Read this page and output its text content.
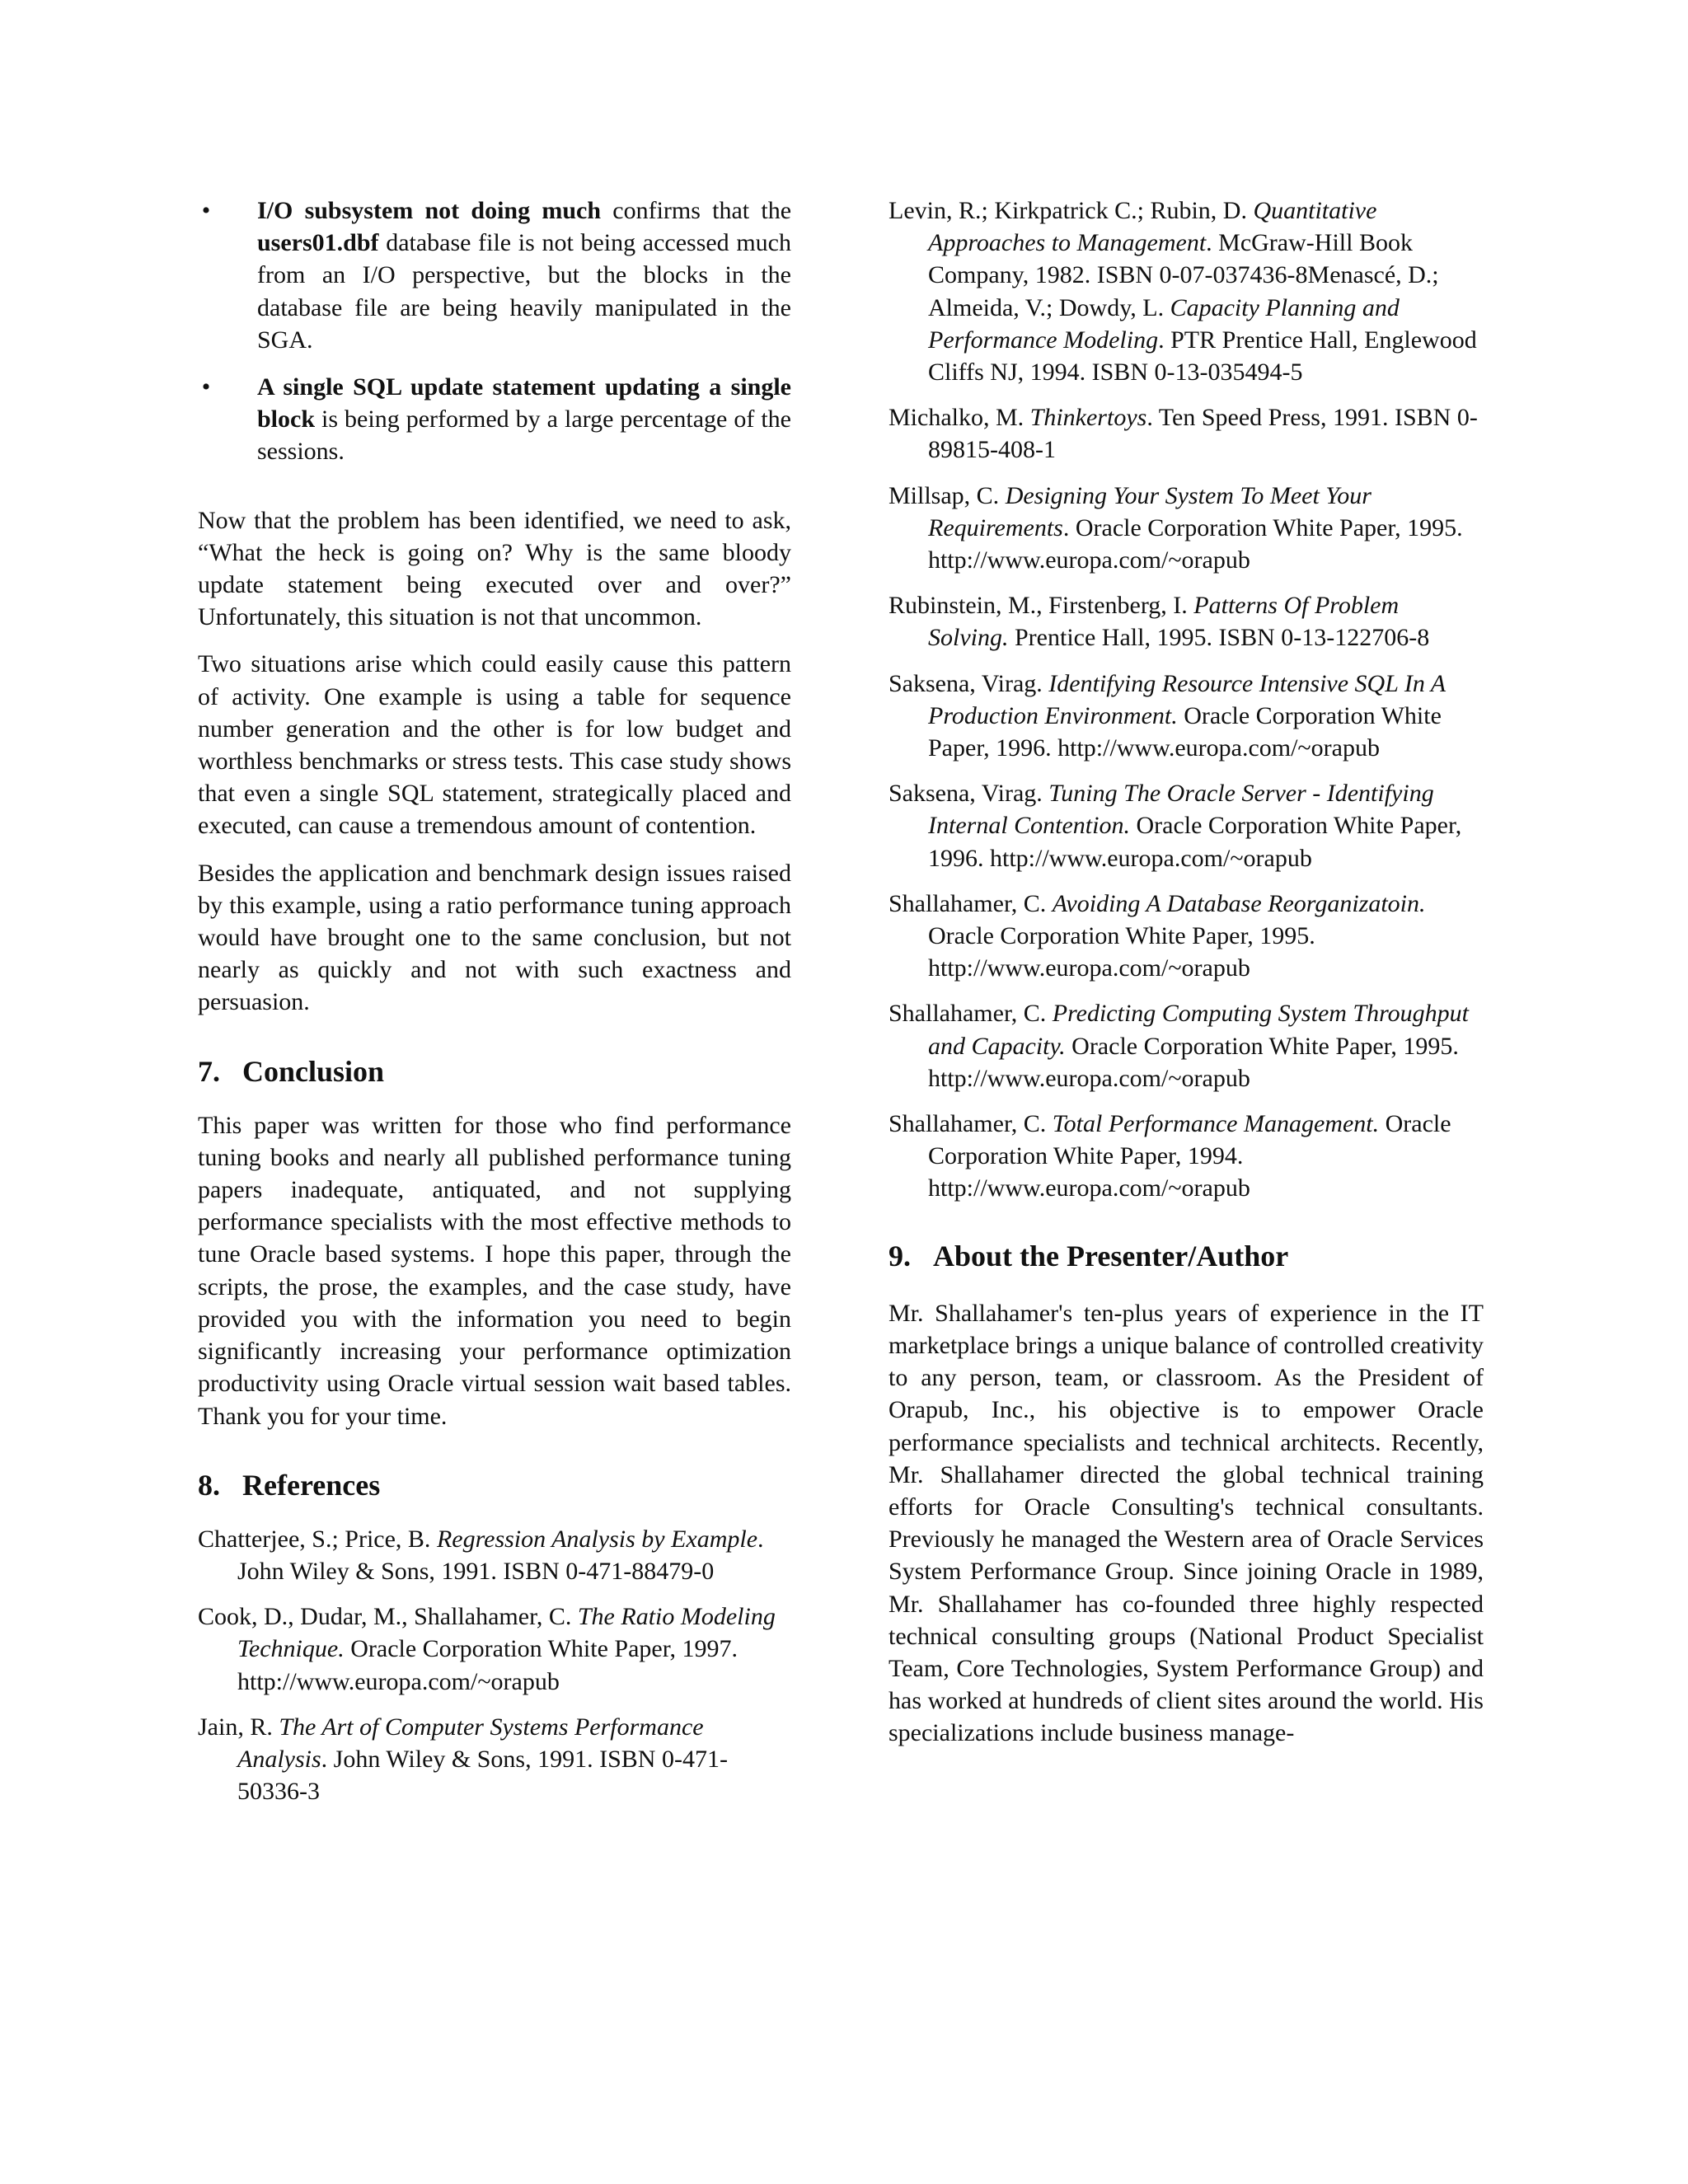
• I/O subsystem not doing much confirms that the users01.dbf database file is not being accessed much from an I/O perspective, but the blocks in the database file are being heavily manipulated in the SGA.
• A single SQL update statement updating a single block is being performed by a large percentage of the sessions.

Now that the problem has been identified, we need to ask, “What the heck is going on? Why is the same bloody update statement being executed over and over?” Unfortunately, this situation is not that uncommon.

Two situations arise which could easily cause this pattern of activity. One example is using a table for sequence number generation and the other is for low budget and worthless benchmarks or stress tests. This case study shows that even a single SQL statement, strategically placed and executed, can cause a tremendous amount of contention.

Besides the application and benchmark design issues raised by this example, using a ratio performance tuning approach would have brought one to the same conclusion, but not nearly as quickly and not with such exactness and persuasion.

7. Conclusion

This paper was written for those who find performance tuning books and nearly all published performance tuning papers inadequate, antiquated, and not supplying performance specialists with the most effective methods to tune Oracle based systems. I hope this paper, through the scripts, the prose, the examples, and the case study, have provided you with the information you need to begin significantly increasing your performance optimization productivity using Oracle virtual session wait based tables. Thank you for your time.

8. References

Chatterjee, S.; Price, B. Regression Analysis by Example. John Wiley & Sons, 1991. ISBN 0-471-88479-0

Cook, D., Dudar, M., Shallahamer, C. The Ratio Modeling Technique. Oracle Corporation White Paper, 1997. http://www.europa.com/~orapub

Jain, R. The Art of Computer Systems Performance Analysis. John Wiley & Sons, 1991. ISBN 0-471-50336-3

Levin, R.; Kirkpatrick C.; Rubin, D. Quantitative Approaches to Management. McGraw-Hill Book Company, 1982. ISBN 0-07-037436-8Menascé, D.; Almeida, V.; Dowdy, L. Capacity Planning and Performance Modeling. PTR Prentice Hall, Englewood Cliffs NJ, 1994. ISBN 0-13-035494-5

Michalko, M. Thinkertoys. Ten Speed Press, 1991. ISBN 0-89815-408-1

Millsap, C. Designing Your System To Meet Your Requirements. Oracle Corporation White Paper, 1995. http://www.europa.com/~orapub

Rubinstein, M., Firstenberg, I. Patterns Of Problem Solving. Prentice Hall, 1995. ISBN 0-13-122706-8

Saksena, Virag. Identifying Resource Intensive SQL In A Production Environment. Oracle Corporation White Paper, 1996. http://www.europa.com/~orapub

Saksena, Virag. Tuning The Oracle Server - Identifying Internal Contention. Oracle Corporation White Paper, 1996. http://www.europa.com/~orapub

Shallahamer, C. Avoiding A Database Reorganizatoin. Oracle Corporation White Paper, 1995. http://www.europa.com/~orapub

Shallahamer, C. Predicting Computing System Throughput and Capacity. Oracle Corporation White Paper, 1995. http://www.europa.com/~orapub

Shallahamer, C. Total Performance Management. Oracle Corporation White Paper, 1994. http://www.europa.com/~orapub

9. About the Presenter/Author

Mr. Shallahamer's ten-plus years of experience in the IT marketplace brings a unique balance of controlled creativity to any person, team, or classroom. As the President of Orapub, Inc., his objective is to empower Oracle performance specialists and technical architects. Recently, Mr. Shallahamer directed the global technical training efforts for Oracle Consulting's technical consultants. Previously he managed the Western area of Oracle Services System Performance Group. Since joining Oracle in 1989, Mr. Shallahamer has co-founded three highly respected technical consulting groups (National Product Specialist Team, Core Technologies, System Performance Group) and has worked at hundreds of client sites around the world. His specializations include business manage-
